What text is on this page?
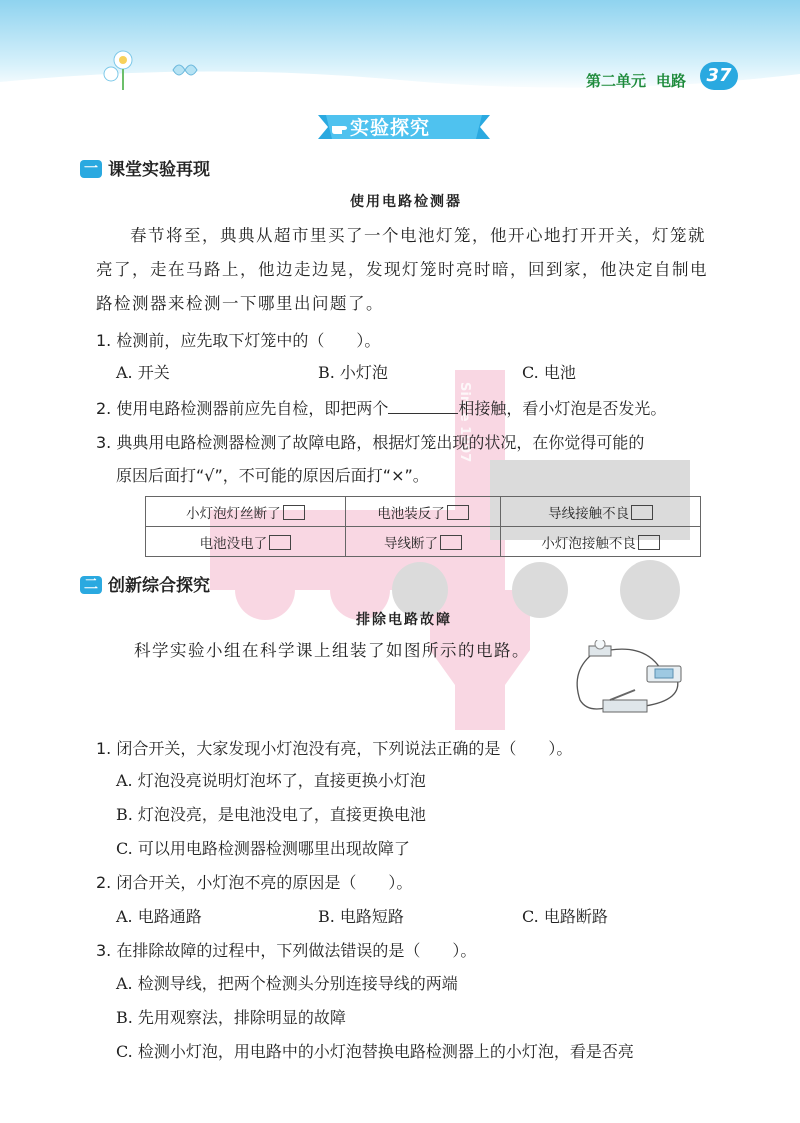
第二单元 电路	37
实验探究
Since 1997
一 课堂实验再现
使用电路检测器
春节将至，典典从超市里买了一个电池灯笼，他开心地打开开关，灯笼就
亮了，走在马路上，他边走边晃，发现灯笼时亮时暗，回到家，他决定自制电
路检测器来检测一下哪里出问题了。
1. 检测前，应先取下灯笼中的（　　）。
A. 开关	B. 小灯泡	C. 电池
2. 使用电路检测器前应先自检，即把两个	相接触，看小灯泡是否发光。
3. 典典用电路检测器检测了故障电路，根据灯笼出现的状况，在你觉得可能的
原因后面打“√”，不可能的原因后面打“×”。
小灯泡灯丝断了	电池装反了	导线接触不良
电池没电了	导线断了	小灯泡接触不良
二 创新综合探究
排除电路故障
科学实验小组在科学课上组装了如图所示的电路。
1. 闭合开关，大家发现小灯泡没有亮，下列说法正确的是（　　）。
A. 灯泡没亮说明灯泡坏了，直接更换小灯泡
B. 灯泡没亮，是电池没电了，直接更换电池
C. 可以用电路检测器检测哪里出现故障了
2. 闭合开关，小灯泡不亮的原因是（　　）。
A. 电路通路	B. 电路短路	C. 电路断路
3. 在排除故障的过程中，下列做法错误的是（　　）。
A. 检测导线，把两个检测头分别连接导线的两端
B. 先用观察法，排除明显的故障
C. 检测小灯泡，用电路中的小灯泡替换电路检测器上的小灯泡，看是否亮
